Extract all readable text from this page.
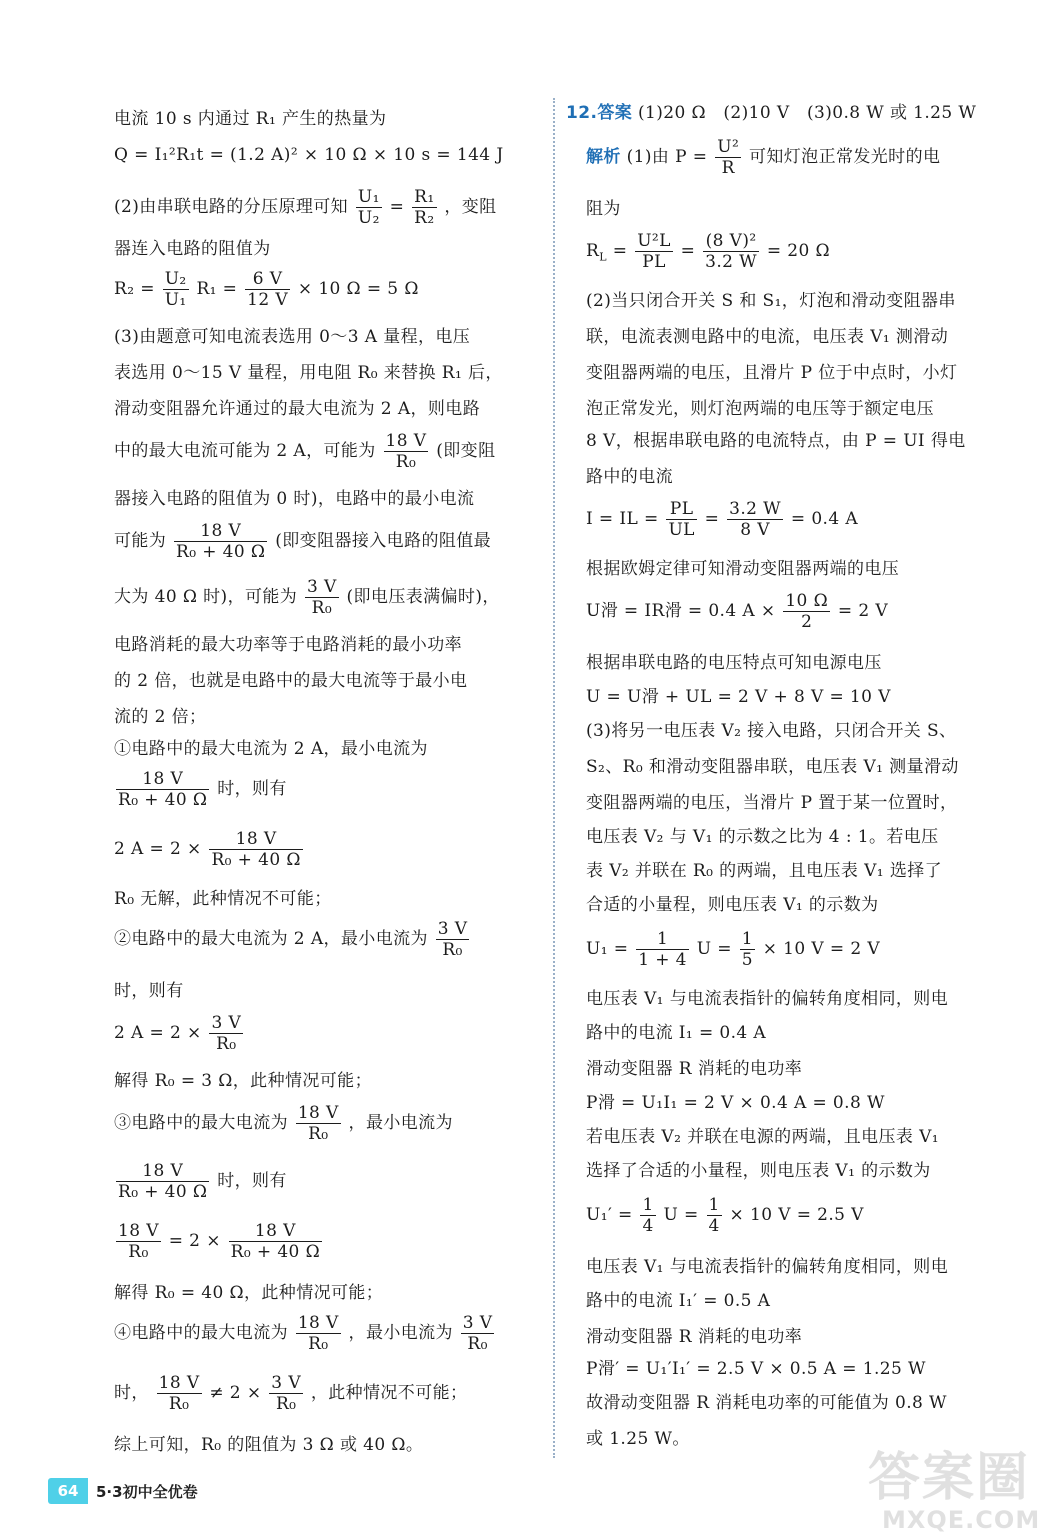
电流 10 s 内通过 R₁ 产生的热量为
Q = I₁²R₁t = (1.2 A)² × 10 Ω × 10 s = 144 J
(2)由串联电路的分压原理可知 $\frac{\text{U₁}}{\text{U₂}} = \frac{\text{R₁}}{\text{R₂}}$ ，变阻
器连入电路的阻值为
$R_2 = \frac{\text{U₂}}{\text{U₁}} R_1 = \frac{6 V}{12 V} \times 10$ Ω = 5 Ω
(3)由题意可知电流表选用 0～3 A 量程，电压
表选用 0～15 V 量程，用电阻 R₀ 来替换 R₁ 后，
滑动变阻器允许通过的最大电流为 2 A，则电路
中的最大电流可能为 2 A，可能为 $\frac{18 V}{\text{R₀}}$ (即变阻
器接入电路的阻值为 0 时)，电路中的最小电流
可能为 $\frac{18 V}{\text{R₀ + 40 Ω}}$ (即变阻器接入电路的阻值最
大为 40 Ω 时)，可能为 $\frac{3 V}{\text{R₀}}$ (即电压表满偏时)，
电路消耗的最大功率等于电路消耗的最小功率
的 2 倍，也就是电路中的最大电流等于最小电
流的 2 倍；
①电路中的最大电流为 2 A，最小电流为
$\frac{18 V}{\text{R₀ + 40 Ω}}$ 时，则有
2 $A = 2 \times \frac{18 V}{\text{R₀ + 40 Ω}}$
R₀ 无解，此种情况不可能；
②电路中的最大电流为 2 A，最小电流为 $\frac{3 V}{\text{R₀}}$
时，则有
2 $A = 2 \times \frac{3 V}{\text{R₀}}$
解得 R₀ = 3 Ω，此种情况可能；
③电路中的最大电流为 $\frac{18 V}{\text{R₀}}$ ，最小电流为
$\frac{18 V}{\text{R₀ + 40 Ω}}$ 时，则有
$\frac{18 V}{\text{R₀}} = 2 \times \frac{18 V}{\text{R₀ + 40 Ω}}$
解得 R₀ = 40 Ω，此种情况可能；
④电路中的最大电流为 $\frac{18 V}{\text{R₀}}$ ，最小电流为 $\frac{3 V}{\text{R₀}}$
时， $\frac{18 V}{\text{R₀}} \ne 2 \times \frac{3 V}{\text{R₀}}$ ，此种情况不可能；
综上可知，R₀ 的阻值为 3 Ω 或 40 Ω。
12.答案 (1)20 Ω　(2)10 V　(3)0.8 W 或 1.25 W
解析 (1)由 $P = \frac{\text{U²}}{R}$ 可知灯泡正常发光时的电
阻为
$R_L = \frac{\text{U²L}}{PL} = \frac{\text{(8 V)²}}{3.2 W} = 20$ Ω
(2)当只闭合开关 S 和 S₁，灯泡和滑动变阻器串
联，电流表测电路中的电流，电压表 V₁ 测滑动
变阻器两端的电压，且滑片 P 位于中点时，小灯
泡正常发光，则灯泡两端的电压等于额定电压
8 V，根据串联电路的电流特点，由 P = UI 得电
路中的电流
I = IL = $\frac{PL}{UL} = \frac{3.2 W}{8 V} = 0.4$ A
根据欧姆定律可知滑动变阻器两端的电压
U滑 = IR滑 = 0.4 $A \times \frac{10 \Omega}{2} = 2$ V
根据串联电路的电压特点可知电源电压
U = U滑 + UL = 2 V + 8 V = 10 V
(3)将另一电压表 V₂ 接入电路，只闭合开关 S、
S₂、R₀ 和滑动变阻器串联，电压表 V₁ 测量滑动
变阻器两端的电压，当滑片 P 置于某一位置时，
电压表 V₂ 与 V₁ 的示数之比为 4 : 1。若电压
表 V₂ 并联在 R₀ 的两端，且电压表 V₁ 选择了
合适的小量程，则电压表 V₁ 的示数为
$U_1 = \frac{1}{1 + 4}$ $U = \frac{1}{5} \times 10$ V = 2 V
电压表 V₁ 与电流表指针的偏转角度相同，则电
路中的电流 I₁ = 0.4 A
滑动变阻器 R 消耗的电功率
P滑 = U₁I₁ = 2 V × 0.4 A = 0.8 W
若电压表 V₂ 并联在电源的两端，且电压表 V₁
选择了合适的小量程，则电压表 V₁ 的示数为
$U_1' = \frac{1}{4}$ $U = \frac{1}{4} \times 10$ V = 2.5 V
电压表 V₁ 与电流表指针的偏转角度相同，则电
路中的电流 I₁′ = 0.5 A
滑动变阻器 R 消耗的电功率
P滑′ = U₁′I₁′ = 2.5 V × 0.5 A = 1.25 W
故滑动变阻器 R 消耗电功率的可能值为 0.8 W
或 1.25 W。
64	5·3初中全优卷	答案圈
MXQE.COM
